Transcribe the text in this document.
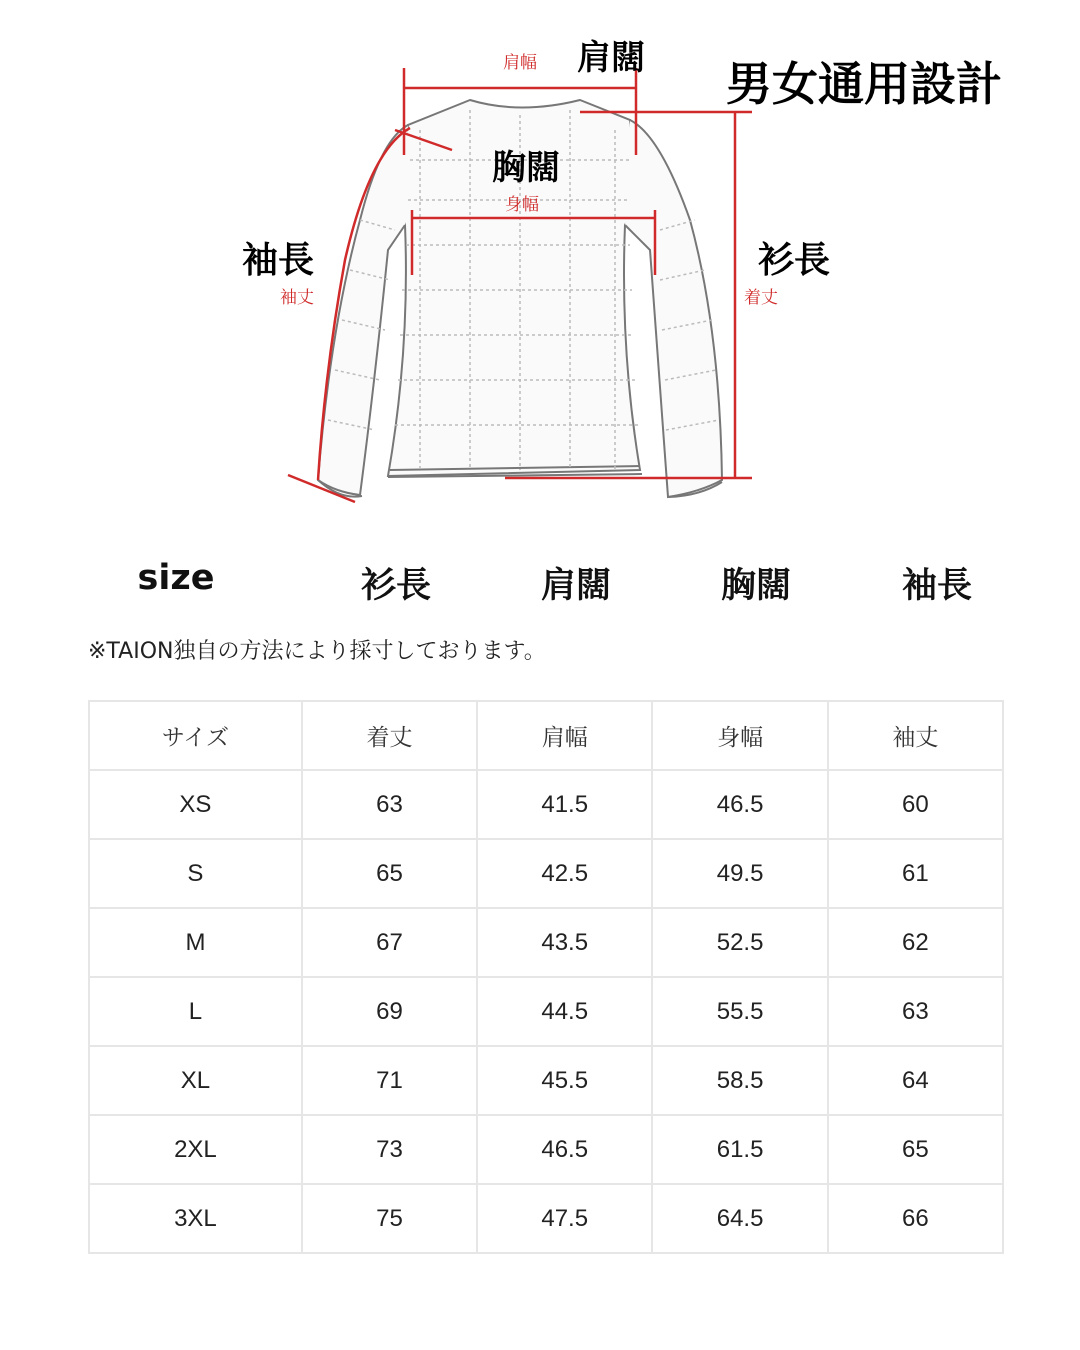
男女通用設計
肩闊
肩幅
胸闊
身幅
袖長
袖丈
衫長
着丈
size	衫長	肩闊	胸闊	袖長
※TAION独自の方法により採寸しております。
サイズ	着丈	肩幅	身幅	袖丈
XS	63	41.5	46.5	60
S	65	42.5	49.5	61
M	67	43.5	52.5	62
L	69	44.5	55.5	63
XL	71	45.5	58.5	64
2XL	73	46.5	61.5	65
3XL	75	47.5	64.5	66
